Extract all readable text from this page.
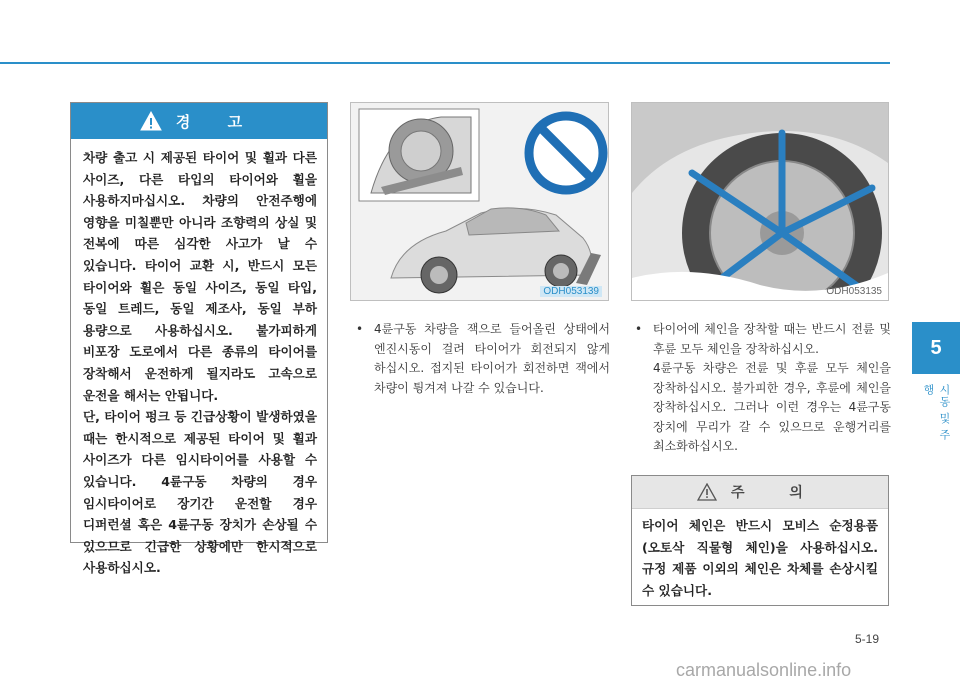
경 고
차량 출고 시 제공된 타이어 및 휠과 다른 사이즈, 다른 타입의 타이어와 휠을 사용하지마십시오. 차량의 안전주행에 영향을 미칠뿐만 아니라 조향력의 상실 및 전복에 따른 심각한 사고가 날 수 있습니다. 타이어 교환 시, 반드시 모든 타이어와 휠은 동일 사이즈, 동일 타입, 동일 트레드, 동일 제조사, 동일 부하 용량으로 사용하십시오. 불가피하게 비포장 도로에서 다른 종류의 타이어를 장착해서 운전하게 될지라도 고속으로 운전을 해서는 안됩니다.
단, 타이어 펑크 등 긴급상황이 발생하였을 때는 한시적으로 제공된 타이어 및 휠과 사이즈가 다른 임시타이어를 사용할 수 있습니다. 4륜구동 차량의 경우 임시타이어로 장기간 운전할 경우 디퍼런셜 혹은 4륜구동 장치가 손상될 수 있으므로 긴급한 상황에만 한시적으로 사용하십시오.
ODH053139	ODH053135
• 4륜구동 차량을 잭으로 들어올린 상태에서 엔진시동이 걸려 타이어가 회전되지 않게 하십시오. 접지된 타이어가 회전하면 잭에서 차량이 튕겨져 나갈 수 있습니다.
• 타이어에 체인을 장착할 때는 반드시 전륜 및 후륜 모두 체인을 장착하십시오.
4륜구동 차량은 전륜 및 후륜 모두 체인을 장착하십시오. 불가피한 경우, 후륜에 체인을 장착하십시오. 그러나 이런 경우는 4륜구동 장치에 무리가 갈 수 있으므로 운행거리를 최소화하십시오.
주 의
타이어 체인은 반드시 모비스 순정용품(오토삭 직물형 체인)을 사용하십시오. 규정 제품 이외의 체인은 차체를 손상시킬 수 있습니다.
5
시동 및 주행
5-19
carmanualsonline.info
